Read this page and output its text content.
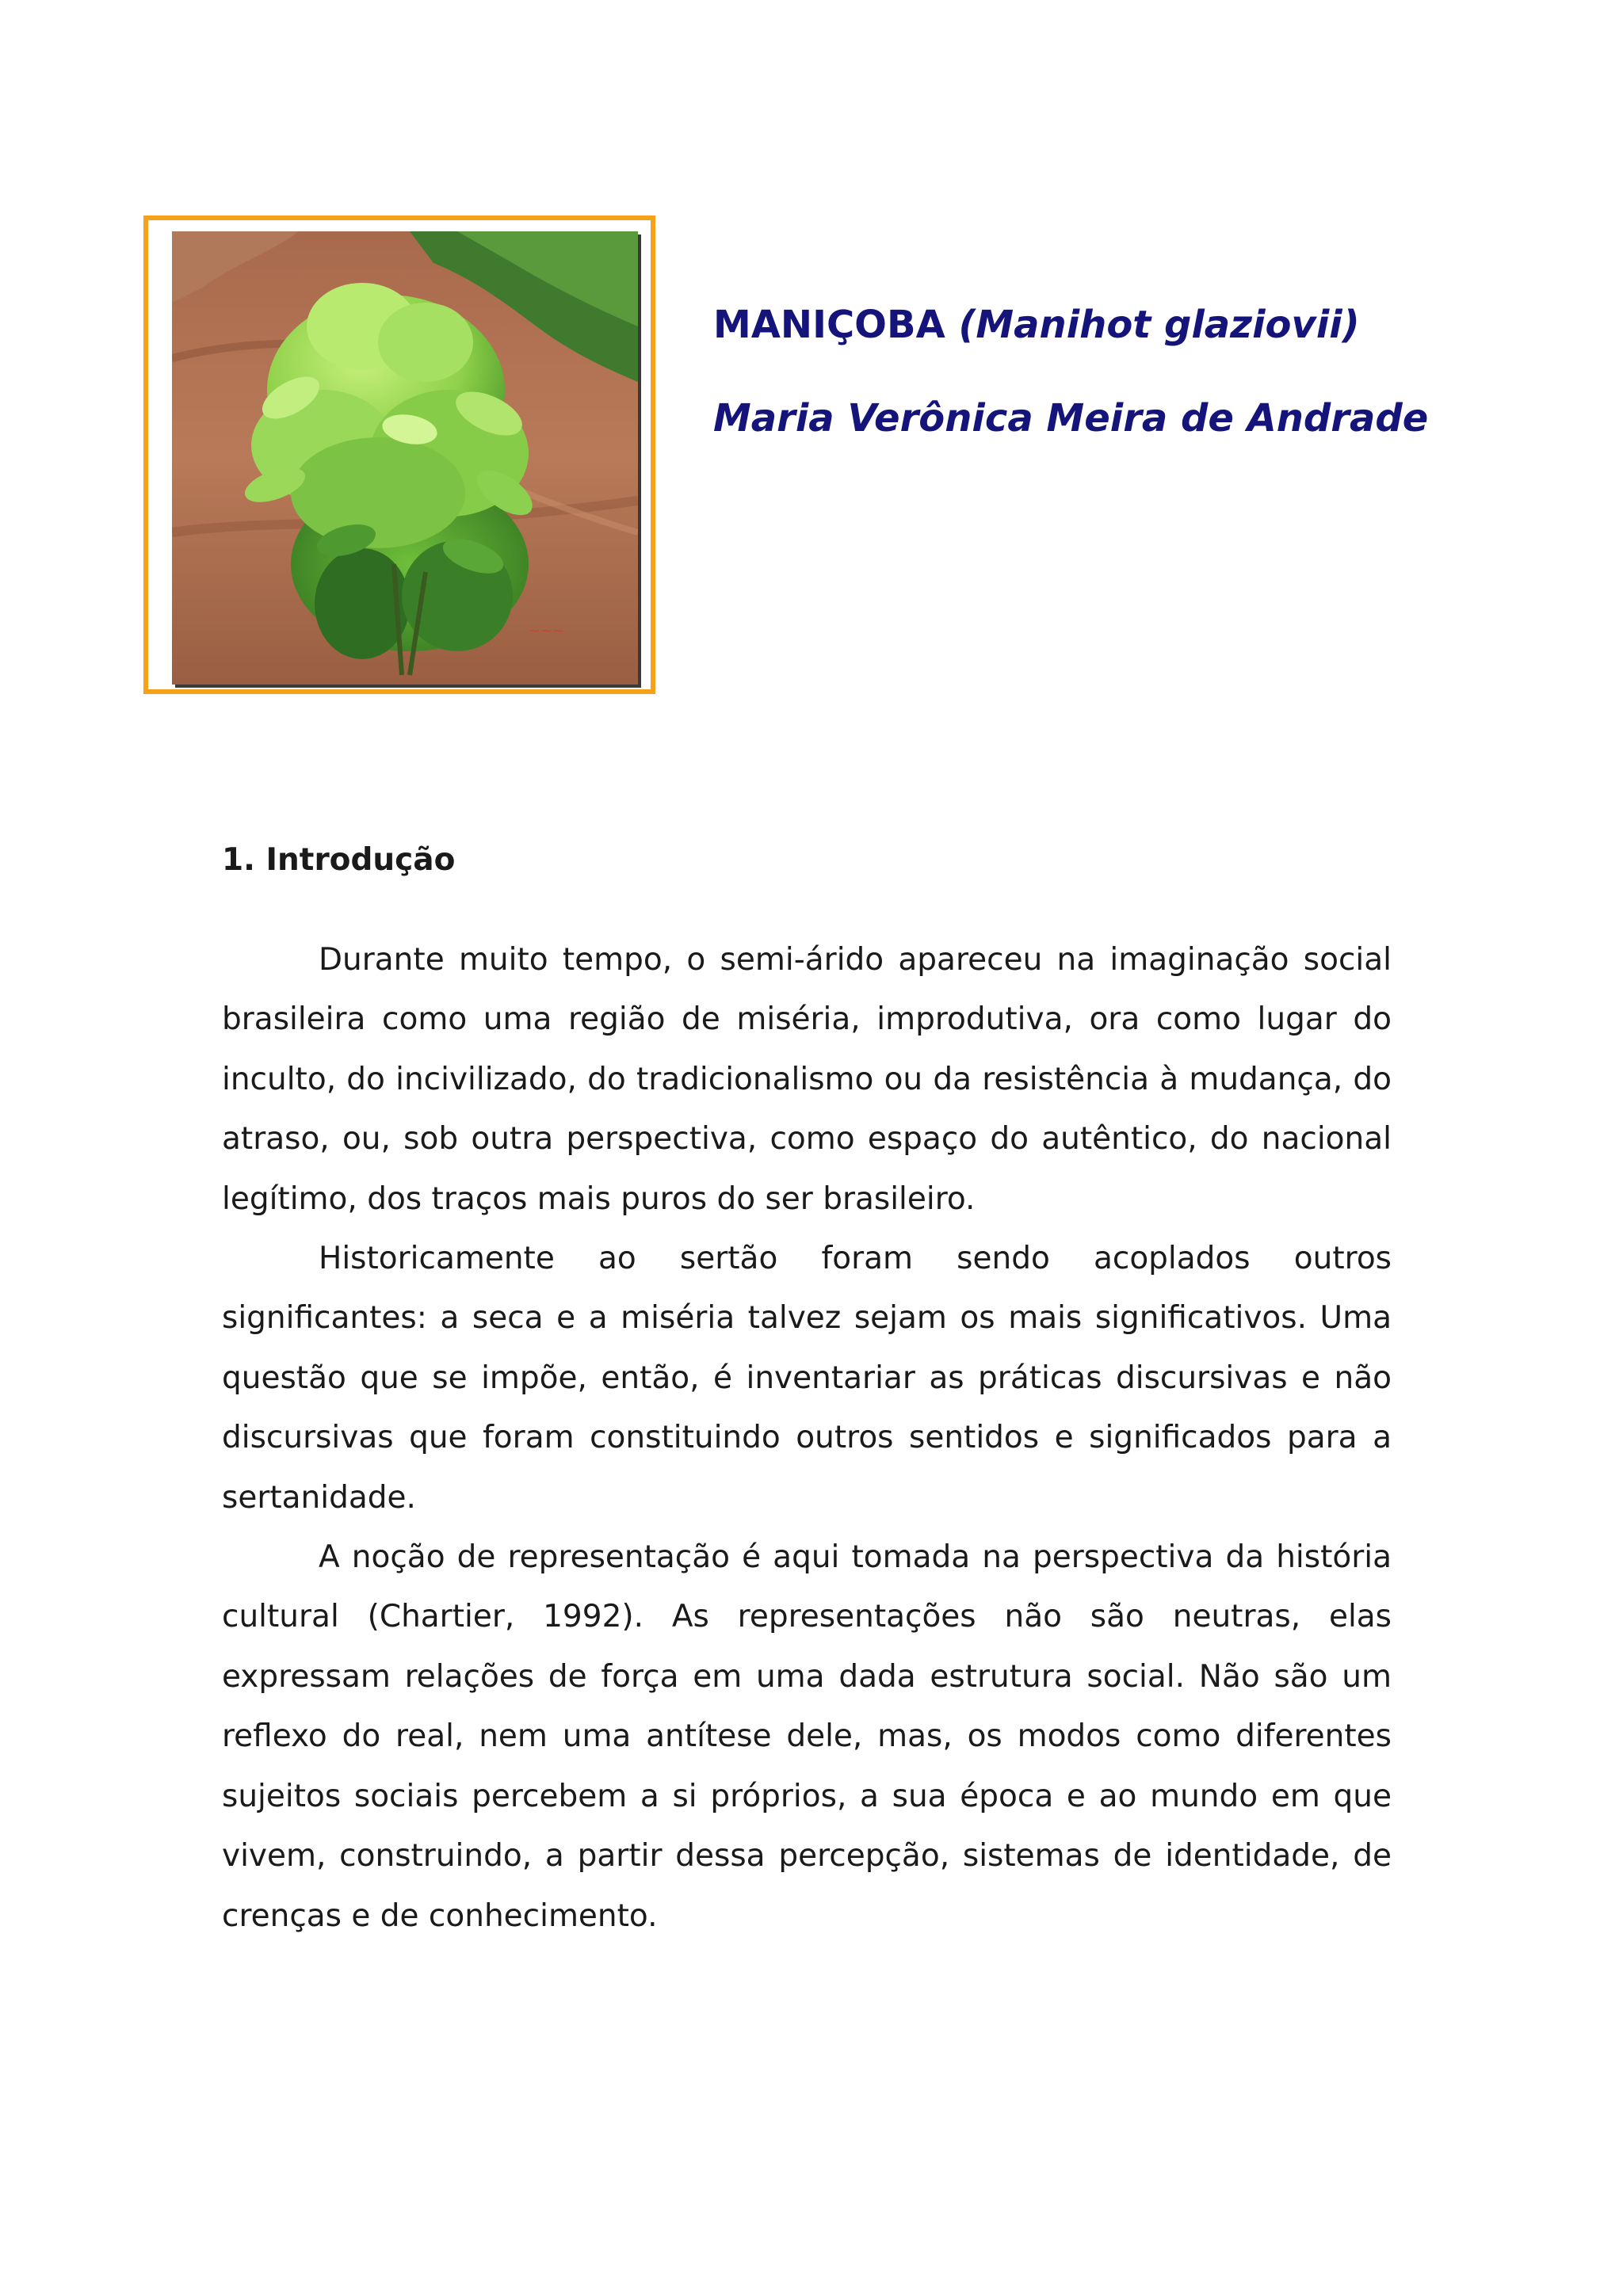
~~~

MANIÇOBA (Manihot glaziovii)

Maria Verônica Meira de Andrade

1. Introdução

Durante muito tempo, o semi-árido apareceu na imaginação social brasileira como uma região de miséria, improdutiva, ora como lugar do inculto, do incivilizado, do tradicionalismo ou da resistência à mudança, do atraso, ou, sob outra perspectiva, como espaço do autêntico, do nacional legítimo, dos traços mais puros do ser brasileiro.

Historicamente ao sertão foram sendo acoplados outros significantes: a seca e a miséria talvez sejam os mais significativos. Uma questão que se impõe, então, é inventariar as práticas discursivas e não discursivas que foram constituindo outros sentidos e significados para a sertanidade.

A noção de representação é aqui tomada na perspectiva da história cultural (Chartier, 1992). As representações não são neutras, elas expressam relações de força em uma dada estrutura social. Não são um reflexo do real, nem uma antítese dele, mas, os modos como diferentes sujeitos sociais percebem a si próprios, a sua época e ao mundo em que vivem, construindo, a partir dessa percepção, sistemas de identidade, de crenças e de conhecimento.
